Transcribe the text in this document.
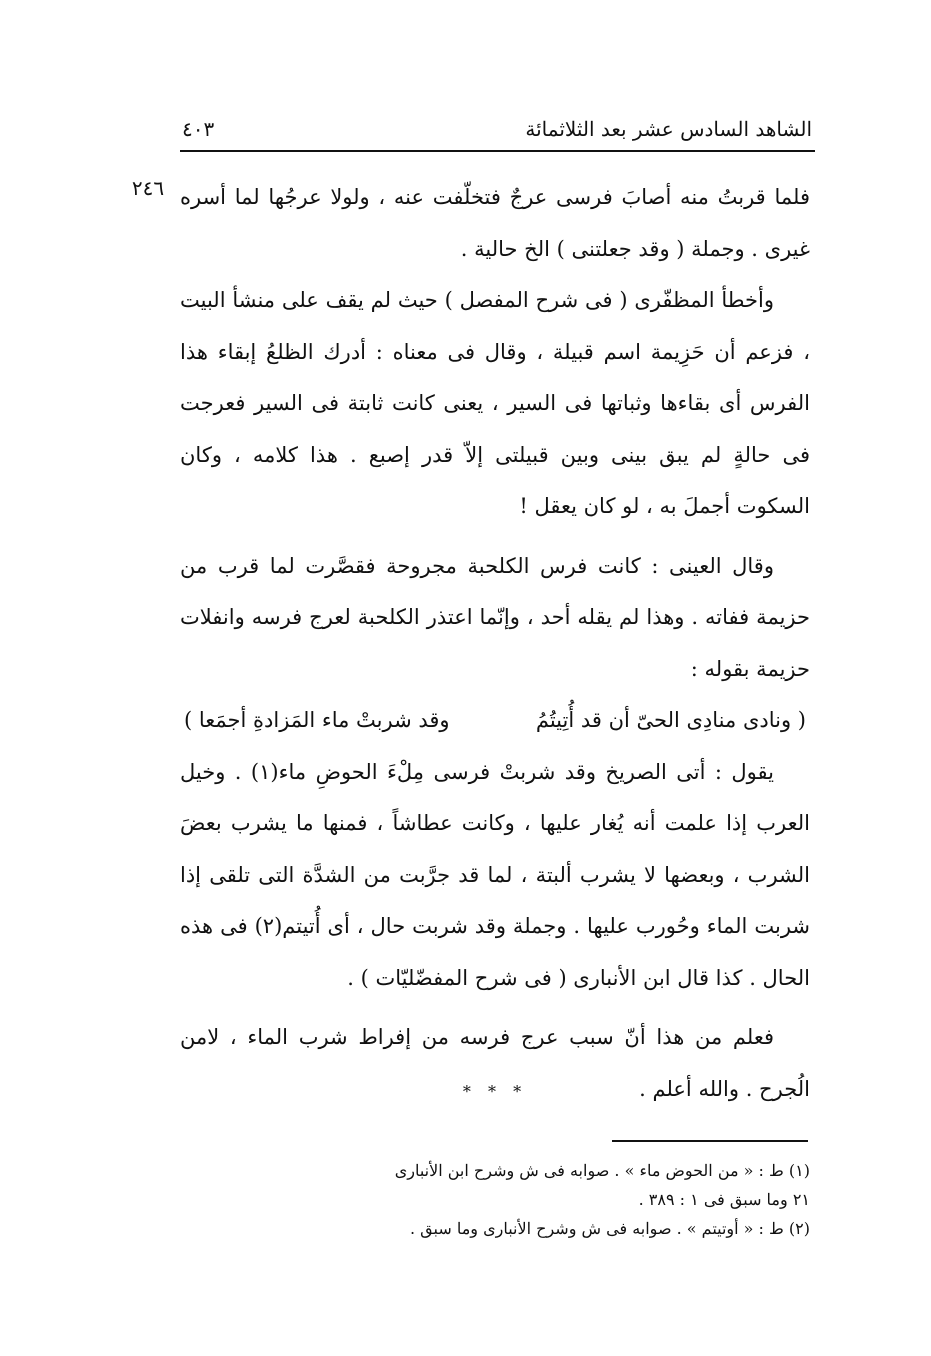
الشاهد السادس عشر بعد الثلاثمائة
٤٠٣
٢٤٦ فلما قربتُ منه أصابَ فرسى عرجٌ فتخلّفت عنه ، ولولا عرجُها لما أسره غيرى . وجملة ( وقد جعلتنى ) الخ حالية .

وأخطأ المظفّرى ( فى شرح المفصل ) حيث لم يقف على منشأ البيت ، فزعم أن حَزِيمة اسم قبيلة ، وقال فى معناه : أدرك الظلعُ إبقاء هذا الفرس أى بقاءها وثباتها فى السير ، يعنى كانت ثابتة فى السير فعرجت فى حالةٍ لم يبق بينى وبين قبيلتى إلاّ قدر إصبع . هذا كلامه ، وكان السكوت أجملَ به ، لو كان يعقل !

وقال العينى : كانت فرس الكلحبة مجروحة فقصَّرت لما قرب من حزيمة ففاته . وهذا لم يقله أحد ، وإنّما اعتذر الكلحبة لعرج فرسه وانفلات حزيمة بقوله :

( ونادى منادِى الحىّ أن قد أُتِيتُمُ
وقد شربتْ ماء المَزادةِ أجمَعا )

يقول : أتى الصريخ وقد شربتْ فرسى مِلْءَ الحوضِ ماء(١) . وخيل العرب إذا علمت أنه يُغار عليها ، وكانت عطاشاً ، فمنها ما يشرب بعضَ الشرب ، وبعضها لا يشرب ألبتة ، لما قد جرَّبت من الشدَّة التى تلقى إذا شربت الماء وحُورب عليها . وجملة وقد شربت حال ، أى أُتيتم(٢) فى هذه الحال . كذا قال ابن الأنبارى ( فى شرح المفضّليّات ) .

فعلم من هذا أنّ سبب عرج فرسه من إفراط شرب الماء ، لامن الُجرح . والله أعلم .

* * *

(١) ط : « من الحوض ماء » . صوابه فى ش وشرح ابن الأنبارى

٢١ وما سبق فى ١ : ٣٨٩ .

(٢) ط : « أوتيتم » . صوابه فى ش وشرح الأنبارى وما سبق .
